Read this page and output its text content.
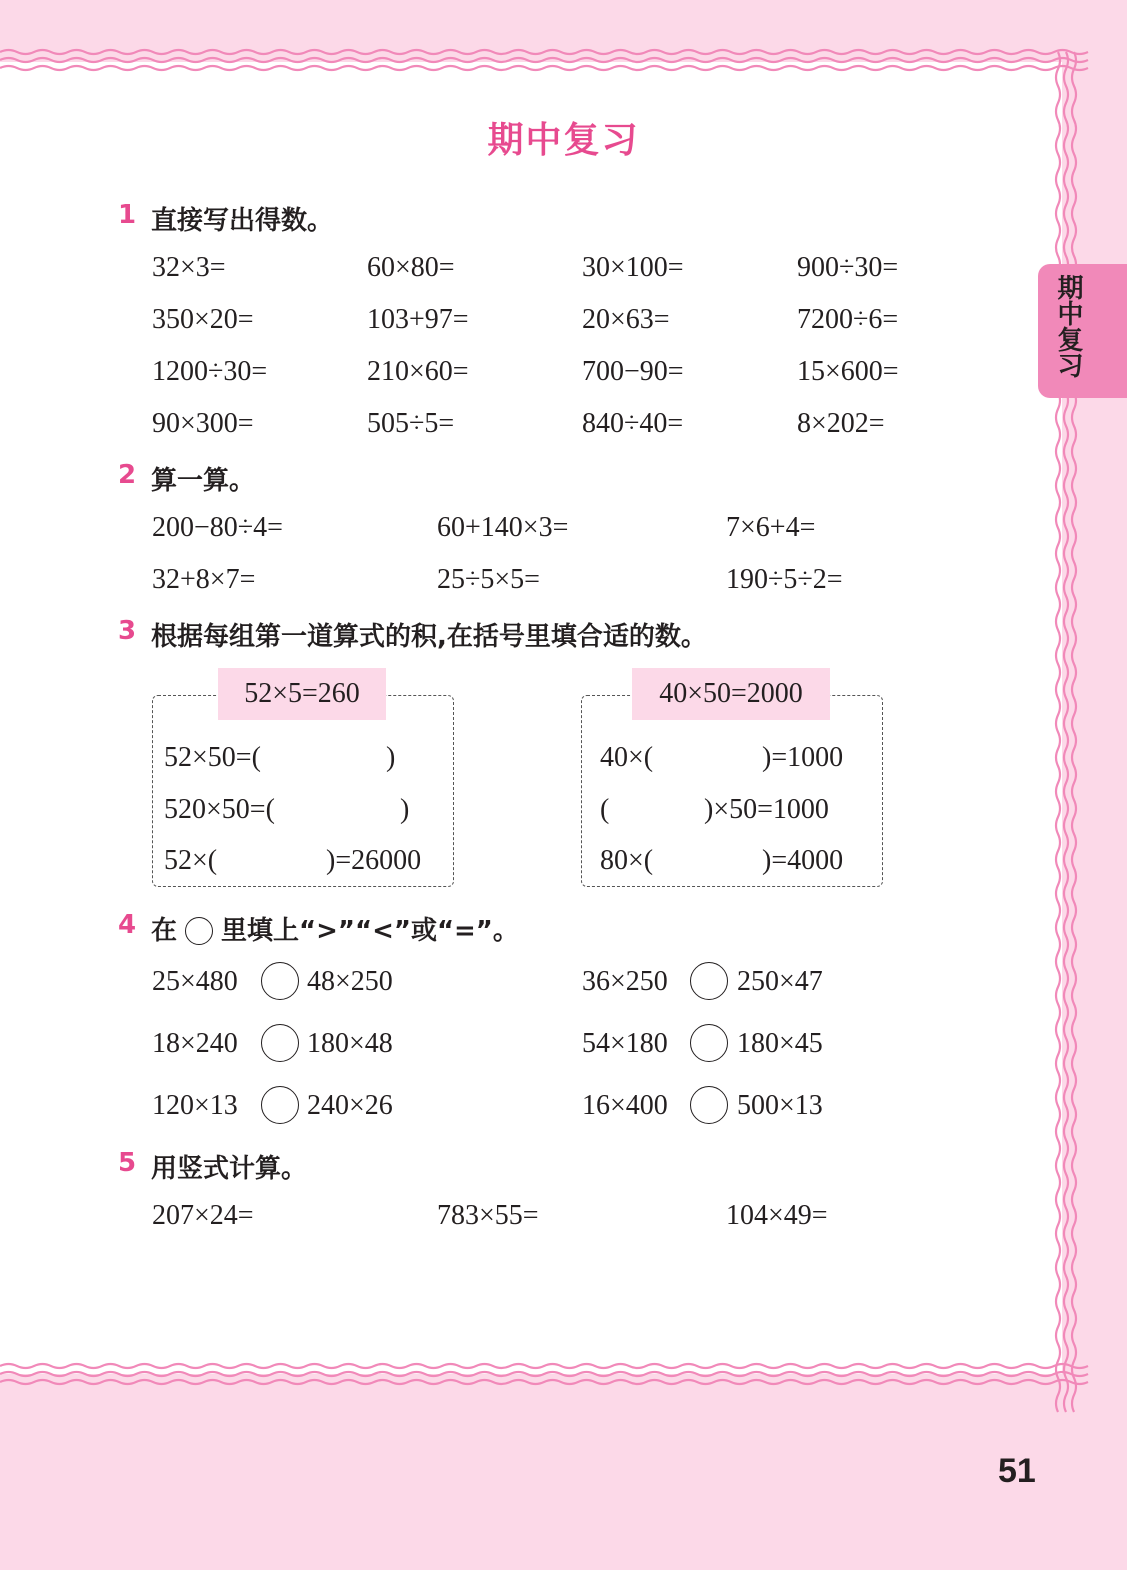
期中复习
期中复习
1 直接写出得数。
32×3=	60×80=	30×100=	900÷30=
350×20=	103+97=	20×63=	7200÷6=
1200÷30=	210×60=	700−90=	15×600=
90×300=	505÷5=	840÷40=	8×202=
2 算一算。
200−80÷4=	60+140×3=	7×6+4=
32+8×7=	25÷5×5=	190÷5÷2=
3 根据每组第一道算式的积,在括号里填合适的数。
52×5=260
52×50=(	)
520×50=(	)
52×(	)=26000
40×50=2000
40×(	)=1000
(	)×50=1000
80×(	)=4000
4 在 里填上“>”“<”或“=”。
25×480 48×250	36×250 250×47
18×240 180×48	54×180 180×45
120×13 240×26	16×400 500×13
5 用竖式计算。
207×24=	783×55=	104×49=
51
